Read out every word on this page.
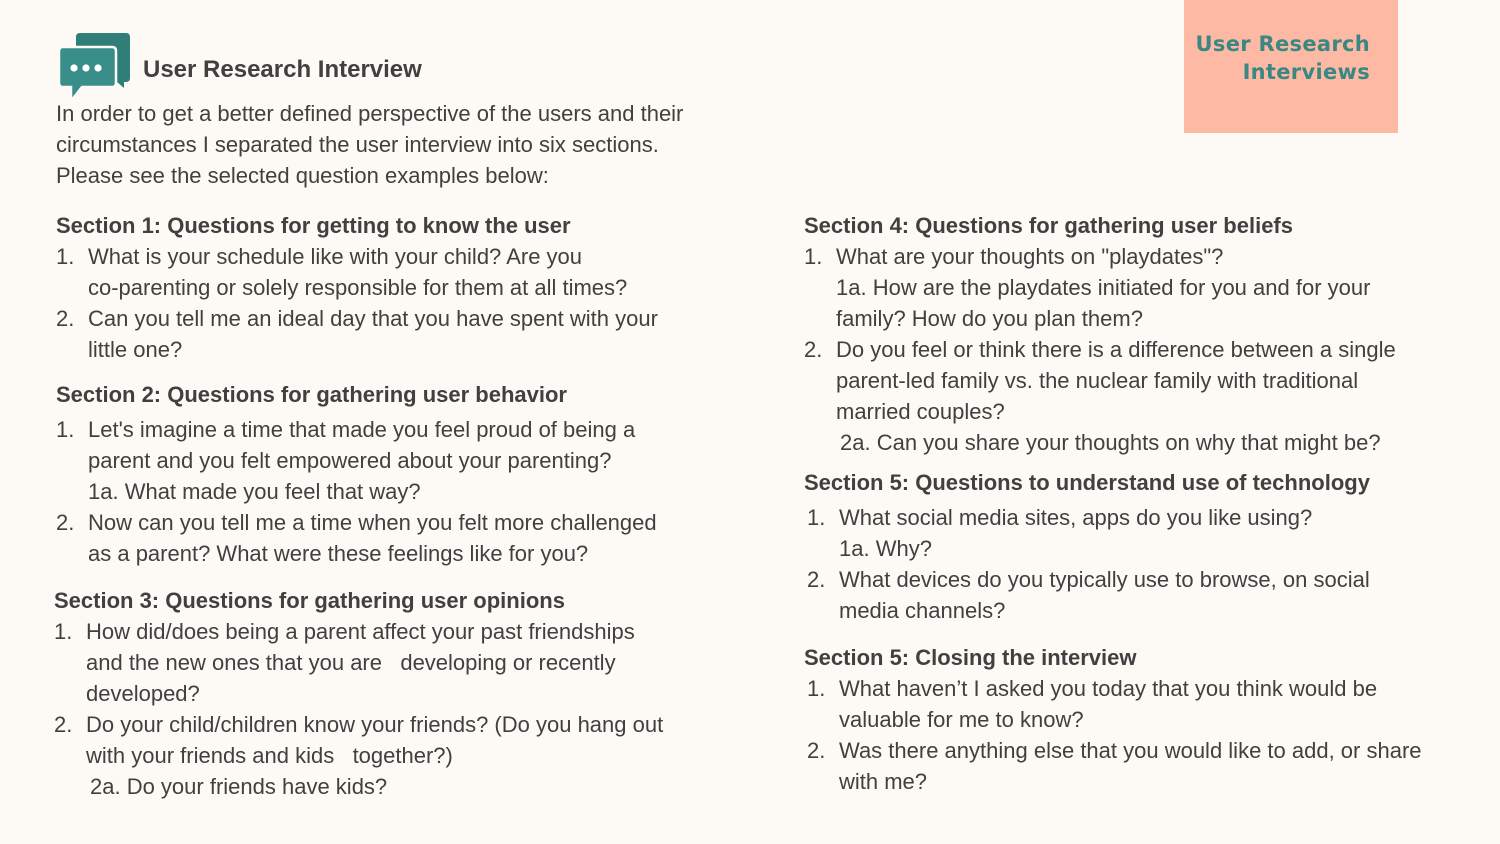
User Research
Interviews
User Research Interview

In order to get a better defined perspective of the users and their
circumstances I separated the user interview into six sections.
Please see the selected question examples below:

Section 1: Questions for getting to know the user
1. What is your schedule like with your child? Are you
co-parenting or solely responsible for them at all times?
2. Can you tell me an ideal day that you have spent with your
little one?
Section 2: Questions for gathering user behavior
1. Let's imagine a time that made you feel proud of being a
parent and you felt empowered about your parenting?
1a. What made you feel that way?
2. Now can you tell me a time when you felt more challenged
as a parent? What were these feelings like for you?
Section 3: Questions for gathering user opinions
1. How did/does being a parent affect your past friendships
and the new ones that you are   developing or recently
developed?
2. Do your child/children know your friends? (Do you hang out
with your friends and kids   together?)
2a. Do your friends have kids?
Section 4: Questions for gathering user beliefs
1. What are your thoughts on "playdates"?
1a. How are the playdates initiated for you and for your
family? How do you plan them?
2. Do you feel or think there is a difference between a single
parent-led family vs. the nuclear family with traditional
married couples?
2a. Can you share your thoughts on why that might be?
Section 5: Questions to understand use of technology
1. What social media sites, apps do you like using?
1a. Why?
2. What devices do you typically use to browse, on social
media channels?
Section 5: Closing the interview
1. What haven’t I asked you today that you think would be
valuable for me to know?
2. Was there anything else that you would like to add, or share
with me?
